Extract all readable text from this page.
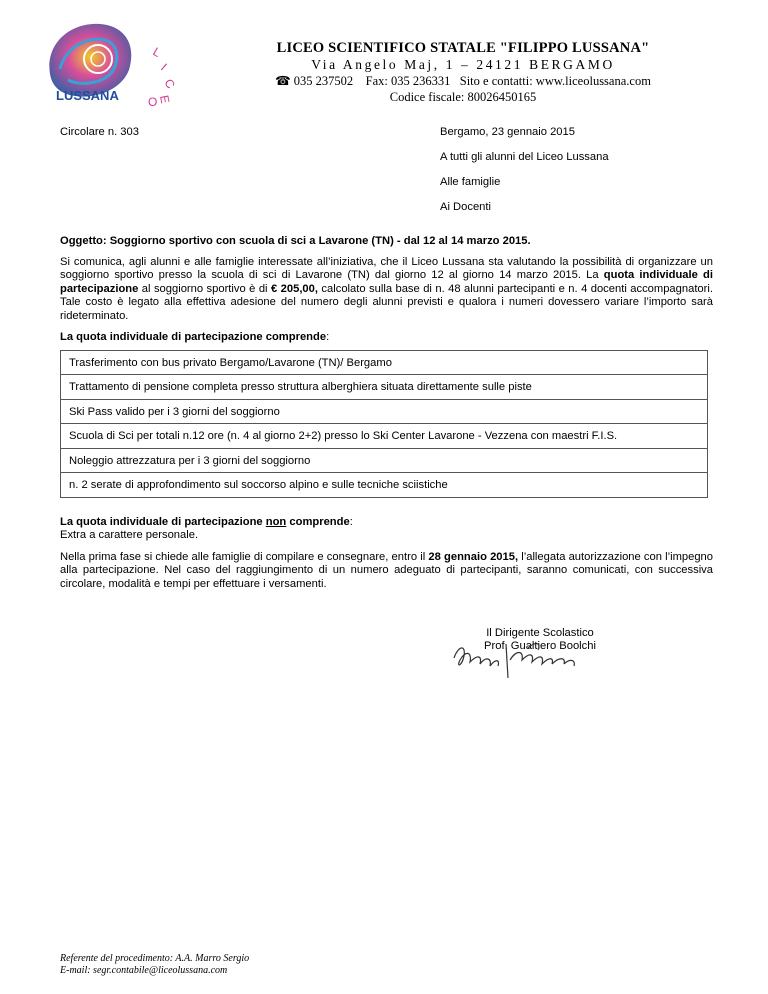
LUSSANA
L
I
C
E
O
LICEO SCIENTIFICO STATALE "FILIPPO LUSSANA"
Via Angelo Maj, 1 – 24121 BERGAMO
☎ 035 237502    Fax: 035 236331   Sito e contatti: www.liceolussana.com
Codice fiscale: 80026450165
Circolare n. 303	Bergamo, 23 gennaio 2015
A tutti gli alunni del Liceo Lussana
Alle famiglie
Ai Docenti
Oggetto: Soggiorno sportivo con scuola di sci a Lavarone (TN) - dal 12 al 14 marzo 2015.
Si comunica, agli alunni e alle famiglie interessate all’iniziativa, che il Liceo Lussana sta valutando la possibilità di organizzare un soggiorno sportivo presso la scuola di sci di Lavarone (TN) dal giorno 12 al giorno 14 marzo 2015. La quota individuale di partecipazione al soggiorno sportivo è di € 205,00, calcolato sulla base di n. 48 alunni partecipanti e n. 4 docenti accompagnatori. Tale costo è legato alla effettiva adesione del numero degli alunni previsti e qualora i numeri dovessero variare l’importo sarà rideterminato.
La quota individuale di partecipazione comprende:
Trasferimento con bus privato Bergamo/Lavarone (TN)/ Bergamo
Trattamento di pensione completa presso struttura alberghiera situata direttamente sulle piste
Ski Pass valido per i 3 giorni del soggiorno
Scuola di Sci per totali n.12 ore (n. 4 al giorno 2+2) presso lo Ski Center Lavarone - Vezzena con maestri F.I.S.
Noleggio attrezzatura per i 3 giorni del soggiorno
n. 2 serate di approfondimento sul soccorso alpino e sulle tecniche sciistiche
La quota individuale di partecipazione non comprende:
Extra a carattere personale.
Nella prima fase si chiede alle famiglie di compilare e consegnare, entro il 28 gennaio 2015, l’allegata autorizzazione con l’impegno alla partecipazione. Nel caso del raggiungimento di un numero adeguato di partecipanti, saranno comunicati, con successiva circolare, modalità e tempi per effettuare i versamenti.
Il Dirigente Scolastico
Prof. Gualtiero Boolchi
Referente del procedimento: A.A. Marro Sergio
E-mail: segr.contabile@liceolussana.com
